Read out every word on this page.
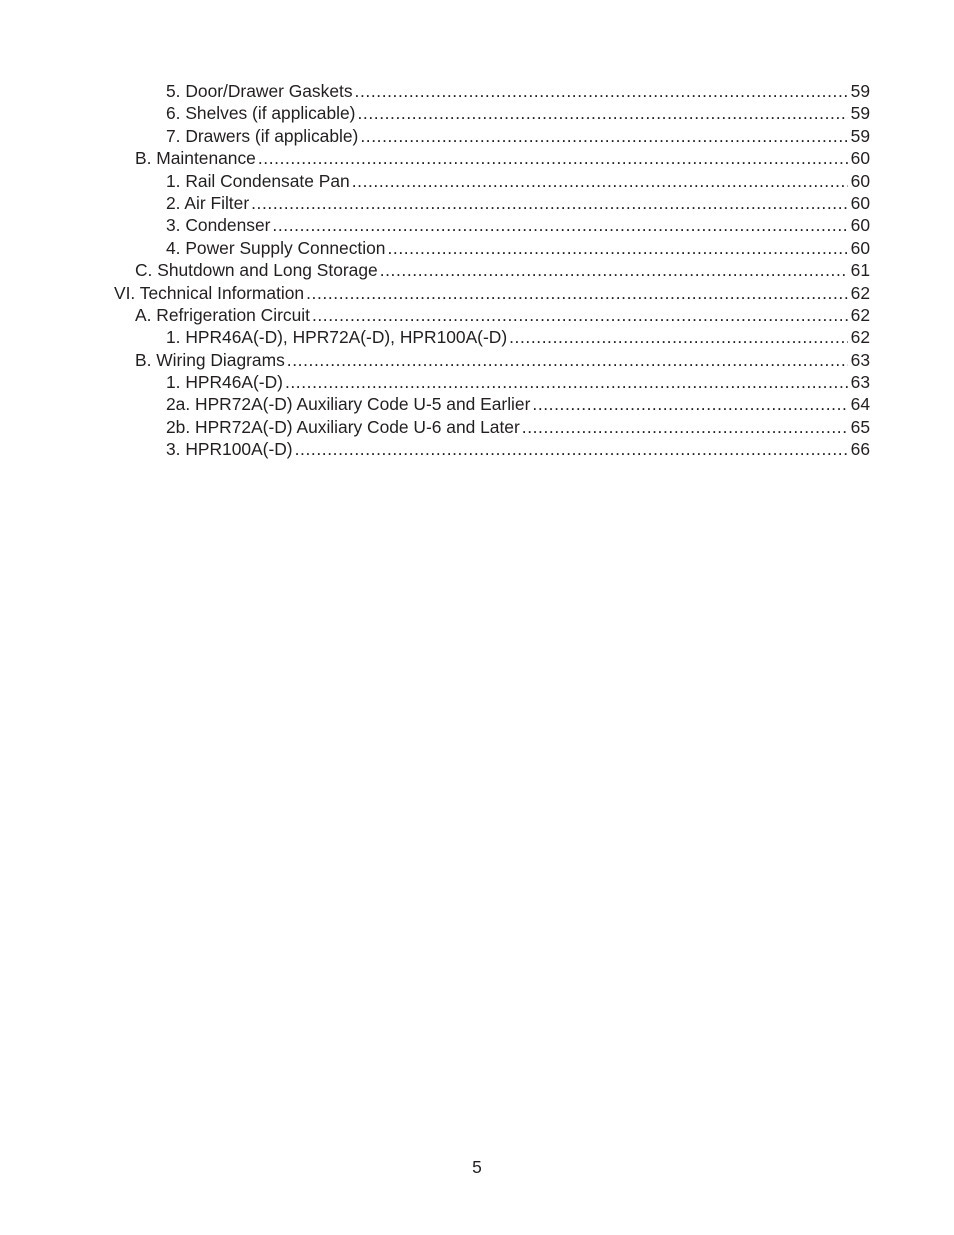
5. Door/Drawer Gaskets .....	59
6. Shelves (if applicable) .....	59
7. Drawers (if applicable) .....	59
B. Maintenance .....	60
1. Rail Condensate Pan .....	60
2. Air Filter .....	60
3. Condenser .....	60
4. Power Supply Connection .....	60
C. Shutdown and Long Storage .....	61
VI. Technical Information .....	62
A. Refrigeration Circuit .....	62
1. HPR46A(-D), HPR72A(-D), HPR100A(-D) .....	62
B. Wiring Diagrams .....	63
1. HPR46A(-D) .....	63
2a. HPR72A(-D) Auxiliary Code U-5 and Earlier .....	64
2b. HPR72A(-D) Auxiliary Code U-6 and Later .....	65
3. HPR100A(-D) .....	66
5
